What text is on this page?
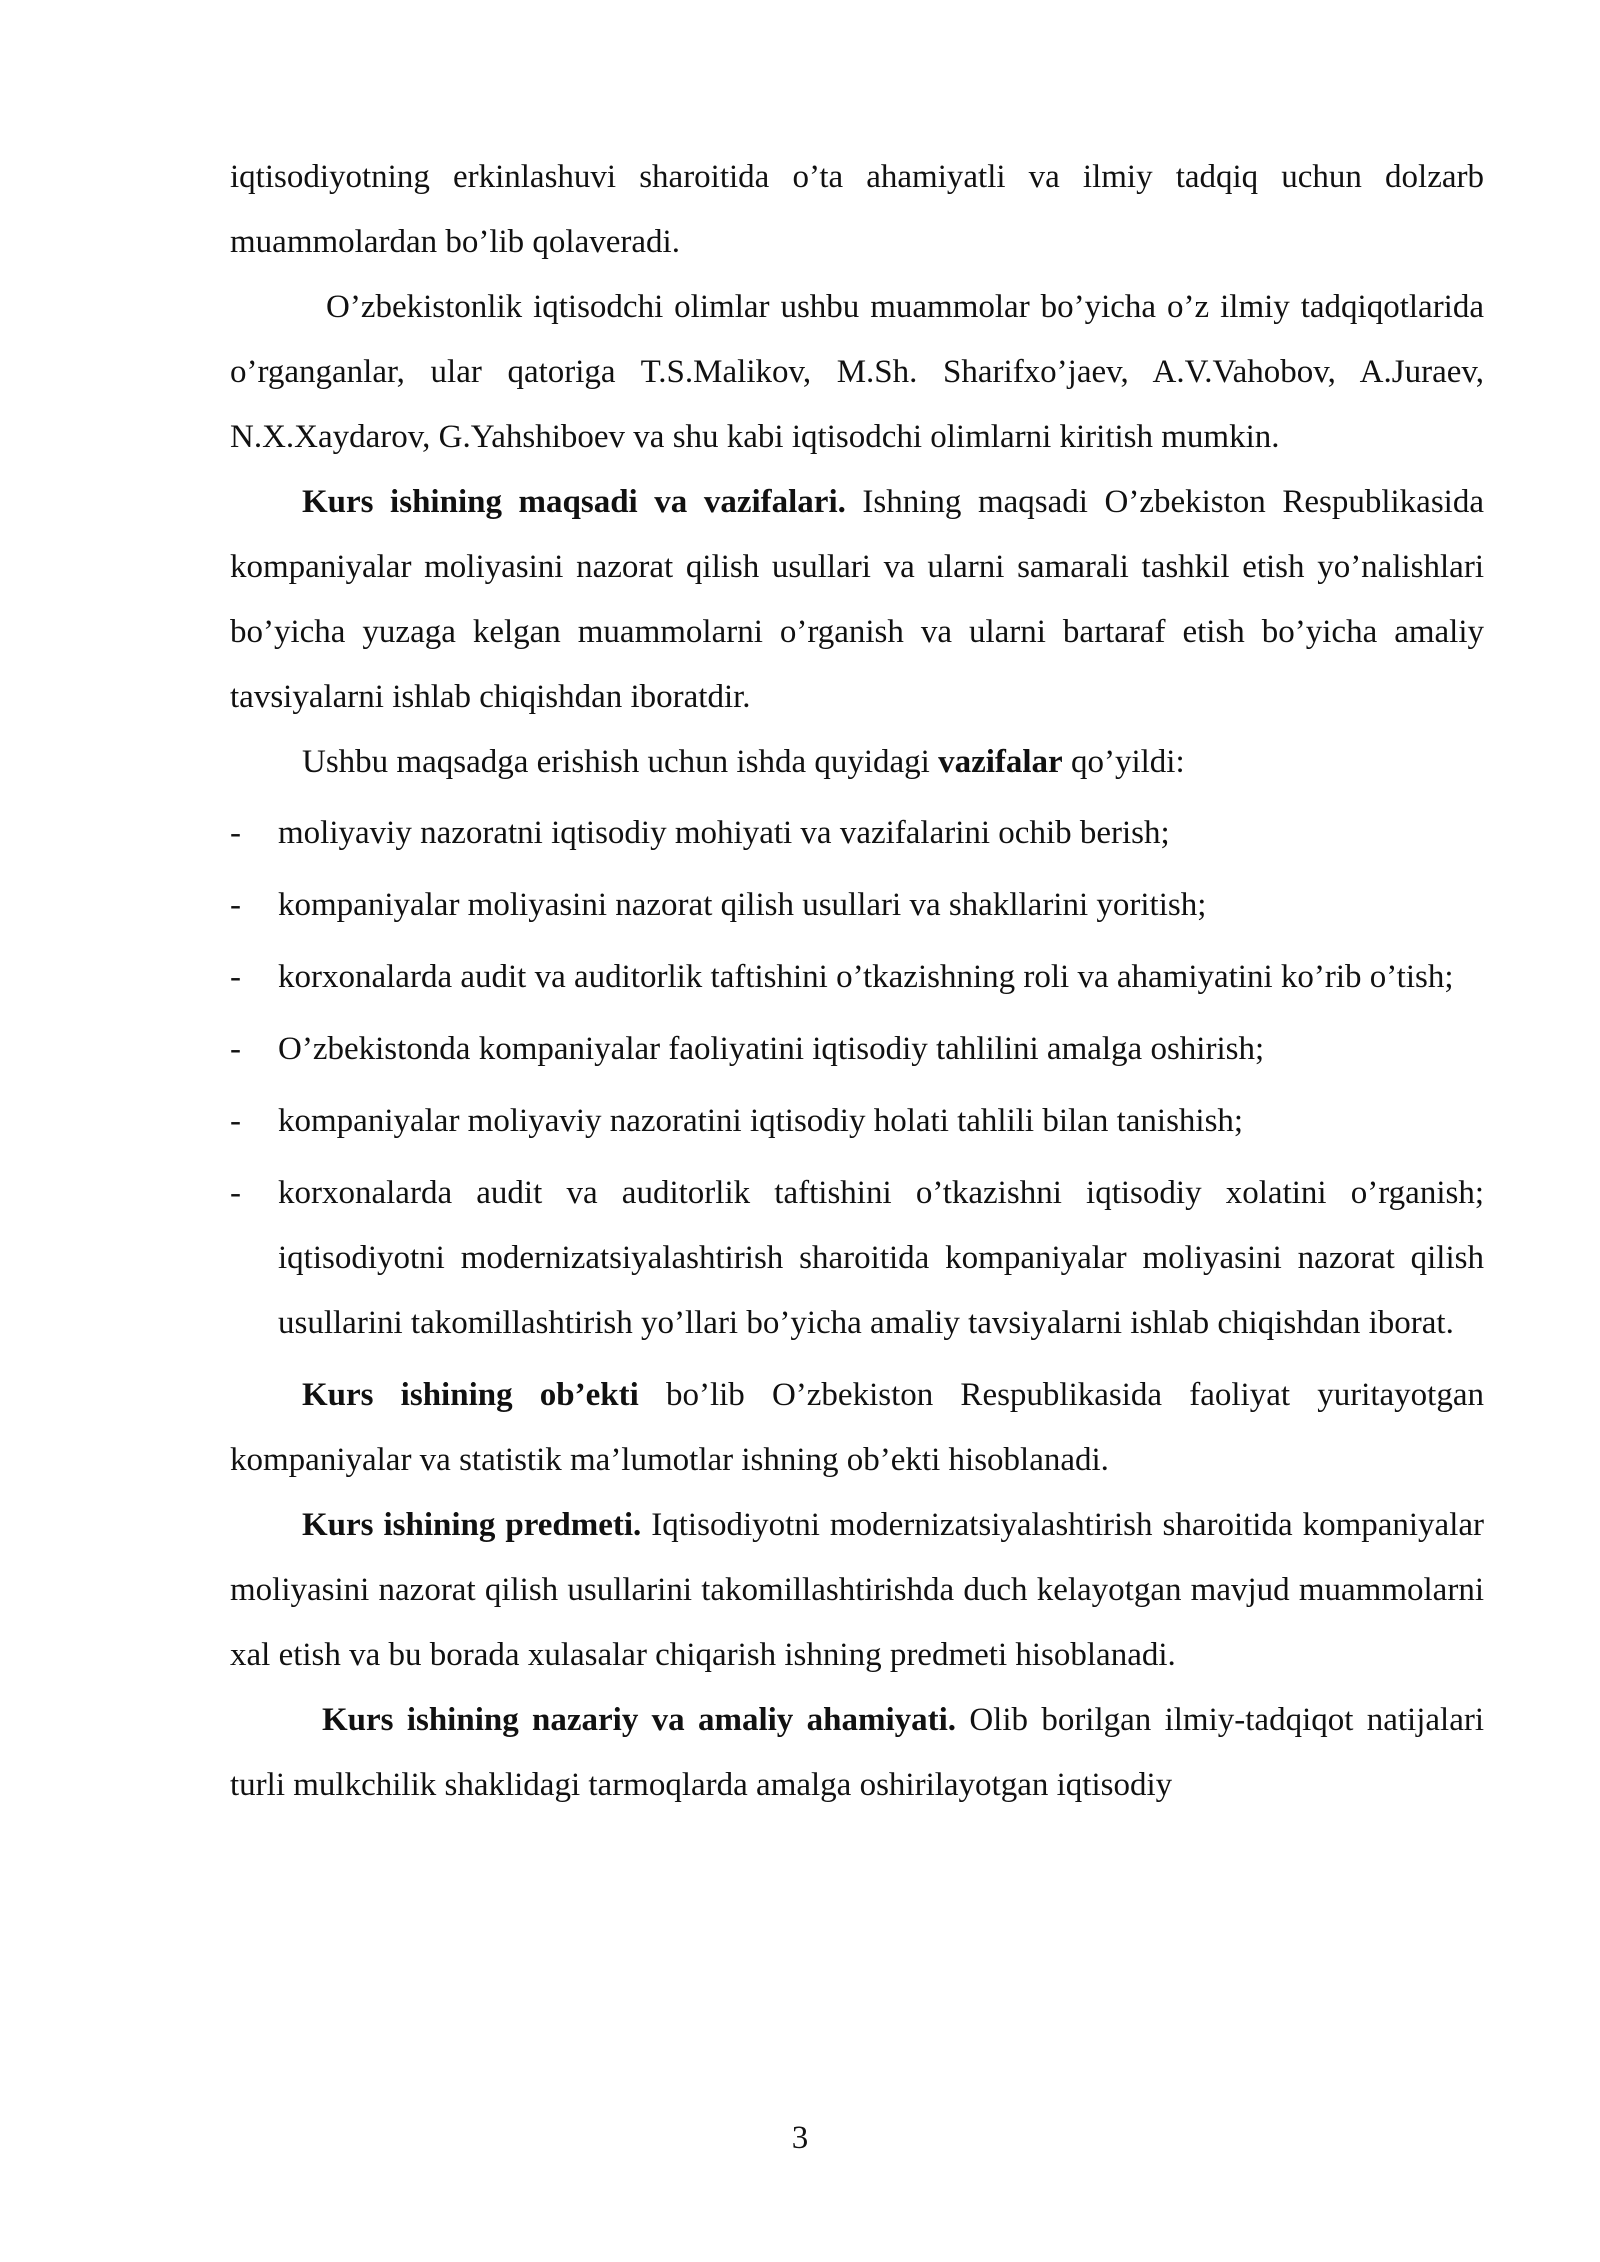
iqtisodiyotning erkinlashuvi sharoitida o’ta ahamiyatli va ilmiy tadqiq uchun dolzarb muammolardan bo’lib qolaveradi.

O’zbekistonlik iqtisodchi olimlar ushbu muammolar bo’yicha o’z ilmiy tadqiqotlarida o’rganganlar, ular qatoriga T.S.Malikov, M.Sh. Sharifxo’jaev, A.V.Vahobov, A.Juraev, N.X.Xaydarov, G.Yahshiboev va shu kabi iqtisodchi olimlarni kiritish mumkin.

Kurs ishining maqsadi va vazifalari. Ishning maqsadi O’zbekiston Respublikasida kompaniyalar moliyasini nazorat qilish usullari va ularni samarali tashkil etish yo’nalishlari bo’yicha yuzaga kelgan muammolarni o’rganish va ularni bartaraf etish bo’yicha amaliy tavsiyalarni ishlab chiqishdan iboratdir.

Ushbu maqsadga erishish uchun ishda quyidagi vazifalar qo’yildi:

- moliyaviy nazoratni iqtisodiy mohiyati va vazifalarini ochib berish;
- kompaniyalar moliyasini nazorat qilish usullari va shakllarini yoritish;
- korxonalarda audit va auditorlik taftishini o’tkazishning roli va ahamiyatini ko’rib o’tish;
- O’zbekistonda kompaniyalar faoliyatini iqtisodiy tahlilini amalga oshirish;
- kompaniyalar moliyaviy nazoratini iqtisodiy holati tahlili bilan tanishish;
- korxonalarda audit va auditorlik taftishini o’tkazishni iqtisodiy xolatini o’rganish; iqtisodiyotni modernizatsiyalashtirish sharoitida kompaniyalar moliyasini nazorat qilish usullarini takomillashtirish yo’llari bo’yicha amaliy tavsiyalarni ishlab chiqishdan iborat.

Kurs ishining ob’ekti bo’lib O’zbekiston Respublikasida faoliyat yuritayotgan kompaniyalar va statistik ma’lumotlar ishning ob’ekti hisoblanadi.

Kurs ishining predmeti. Iqtisodiyotni modernizatsiyalashtirish sharoitida kompaniyalar moliyasini nazorat qilish usullarini takomillashtirishda duch kelayotgan mavjud muammolarni xal etish va bu borada xulasalar chiqarish ishning predmeti hisoblanadi.

Kurs ishining nazariy va amaliy ahamiyati. Olib borilgan ilmiy-tadqiqot natijalari turli mulkchilik shaklidagi tarmoqlarda amalga oshirilayotgan iqtisodiy

3
